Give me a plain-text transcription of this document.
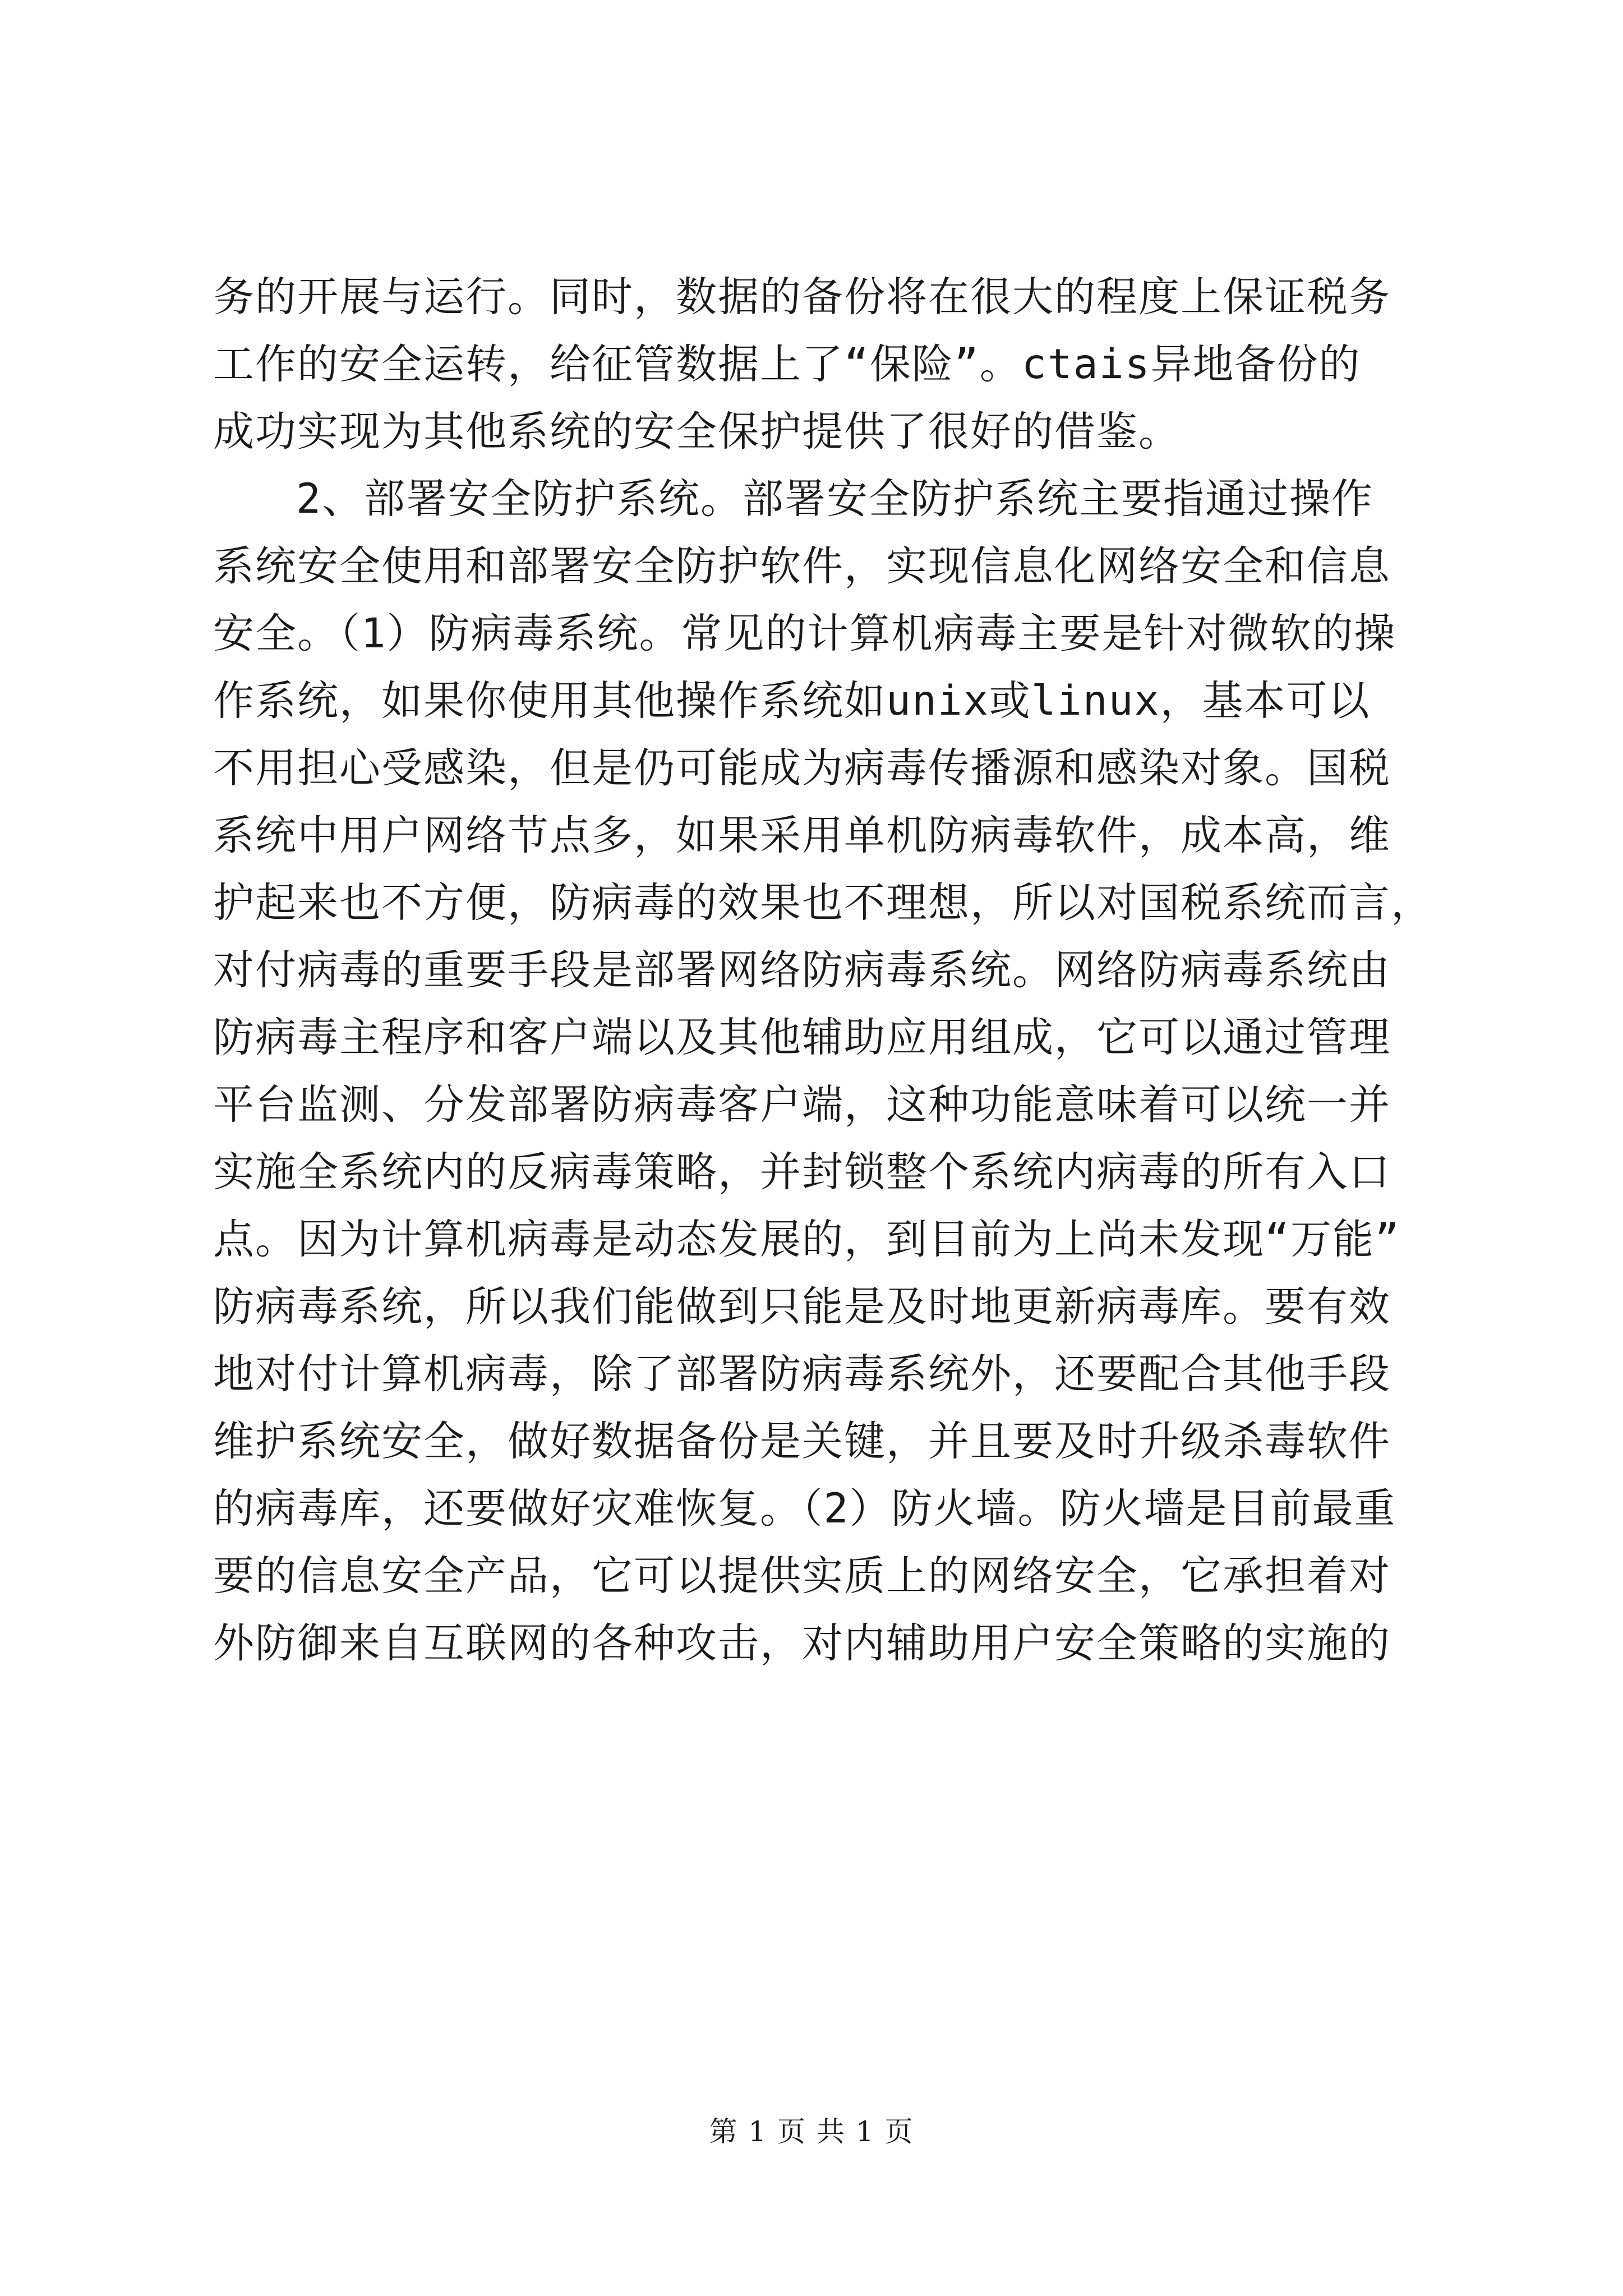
务的开展与运行。同时，数据的备份将在很大的程度上保证税务
工作的安全运转，给征管数据上了“保险”。ctais异地备份的
成功实现为其他系统的安全保护提供了很好的借鉴。
2、部署安全防护系统。部署安全防护系统主要指通过操作
系统安全使用和部署安全防护软件，实现信息化网络安全和信息
安全。（1）防病毒系统。常见的计算机病毒主要是针对微软的操
作系统，如果你使用其他操作系统如unix或linux，基本可以
不用担心受感染，但是仍可能成为病毒传播源和感染对象。国税
系统中用户网络节点多，如果采用单机防病毒软件，成本高，维
护起来也不方便，防病毒的效果也不理想，所以对国税系统而言，
对付病毒的重要手段是部署网络防病毒系统。网络防病毒系统由
防病毒主程序和客户端以及其他辅助应用组成，它可以通过管理
平台监测、分发部署防病毒客户端，这种功能意味着可以统一并
实施全系统内的反病毒策略，并封锁整个系统内病毒的所有入口
点。因为计算机病毒是动态发展的，到目前为上尚未发现“万能”
防病毒系统，所以我们能做到只能是及时地更新病毒库。要有效
地对付计算机病毒，除了部署防病毒系统外，还要配合其他手段
维护系统安全，做好数据备份是关键，并且要及时升级杀毒软件
的病毒库，还要做好灾难恢复。（2）防火墙。防火墙是目前最重
要的信息安全产品，它可以提供实质上的网络安全，它承担着对
外防御来自互联网的各种攻击，对内辅助用户安全策略的实施的
第 1 页 共 1 页
